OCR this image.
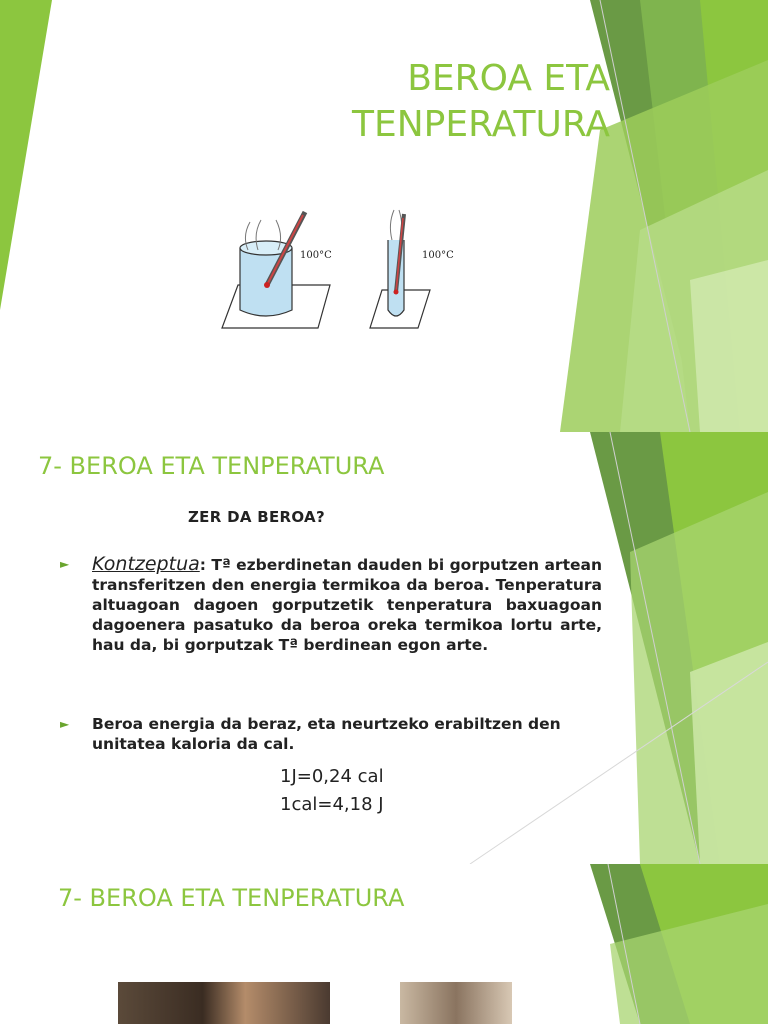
BEROA ETA
TENPERATURA
100°C	100°C
7- BEROA ETA TENPERATURA
ZER DA BEROA?
► Kontzeptua: Tª ezberdinetan dauden bi gorputzen artean transferitzen den energia termikoa da beroa. Tenperatura altuagoan dagoen gorputzetik tenperatura baxuagoan dagoenera pasatuko da beroa oreka termikoa lortu arte, hau da, bi gorputzak Tª berdinean egon arte.
► Beroa energia da beraz, eta neurtzeko erabiltzen den unitatea kaloria da cal.
1J=0,24 cal
1cal=4,18 J
7- BEROA ETA TENPERATURA
